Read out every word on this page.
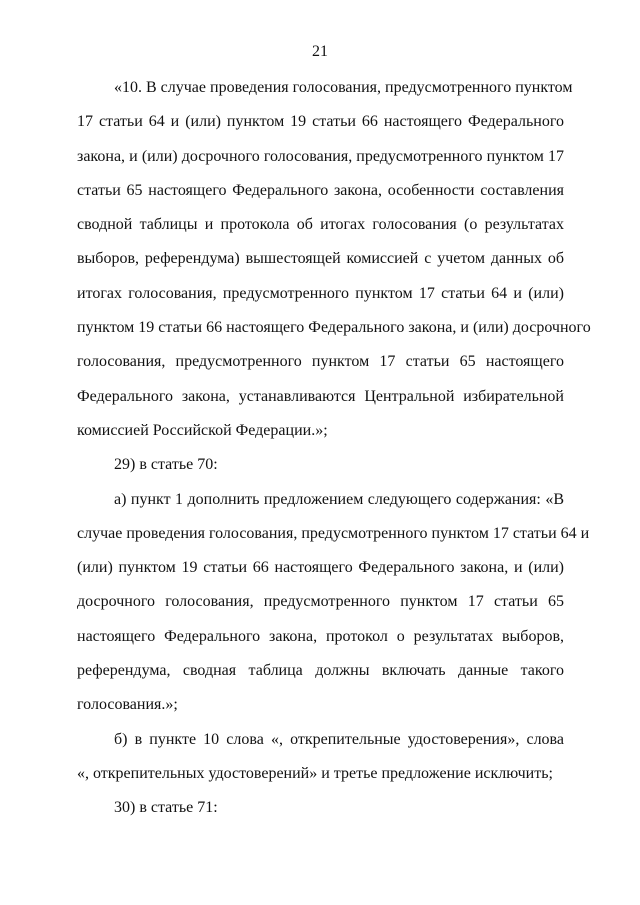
21
«10. В случае проведения голосования, предусмотренного пунктом
17 статьи 64 и (или) пунктом 19 статьи 66 настоящего Федерального
закона, и (или) досрочного голосования, предусмотренного пунктом 17
статьи 65 настоящего Федерального закона, особенности составления
сводной таблицы и протокола об итогах голосования (о результатах
выборов, референдума) вышестоящей комиссией с учетом данных об
итогах голосования, предусмотренного пунктом 17 статьи 64 и (или)
пунктом 19 статьи 66 настоящего Федерального закона, и (или) досрочного
голосования, предусмотренного пунктом 17 статьи 65 настоящего
Федерального закона, устанавливаются Центральной избирательной
комиссией Российской Федерации.»;
29) в статье 70:
а) пункт 1 дополнить предложением следующего содержания: «В
случае проведения голосования, предусмотренного пунктом 17 статьи 64 и
(или) пунктом 19 статьи 66 настоящего Федерального закона, и (или)
досрочного голосования, предусмотренного пунктом 17 статьи 65
настоящего Федерального закона, протокол о результатах выборов,
референдума, сводная таблица должны включать данные такого
голосования.»;
б) в пункте 10 слова «, открепительные удостоверения», слова
«, открепительных удостоверений» и третье предложение исключить;
30) в статье 71:
